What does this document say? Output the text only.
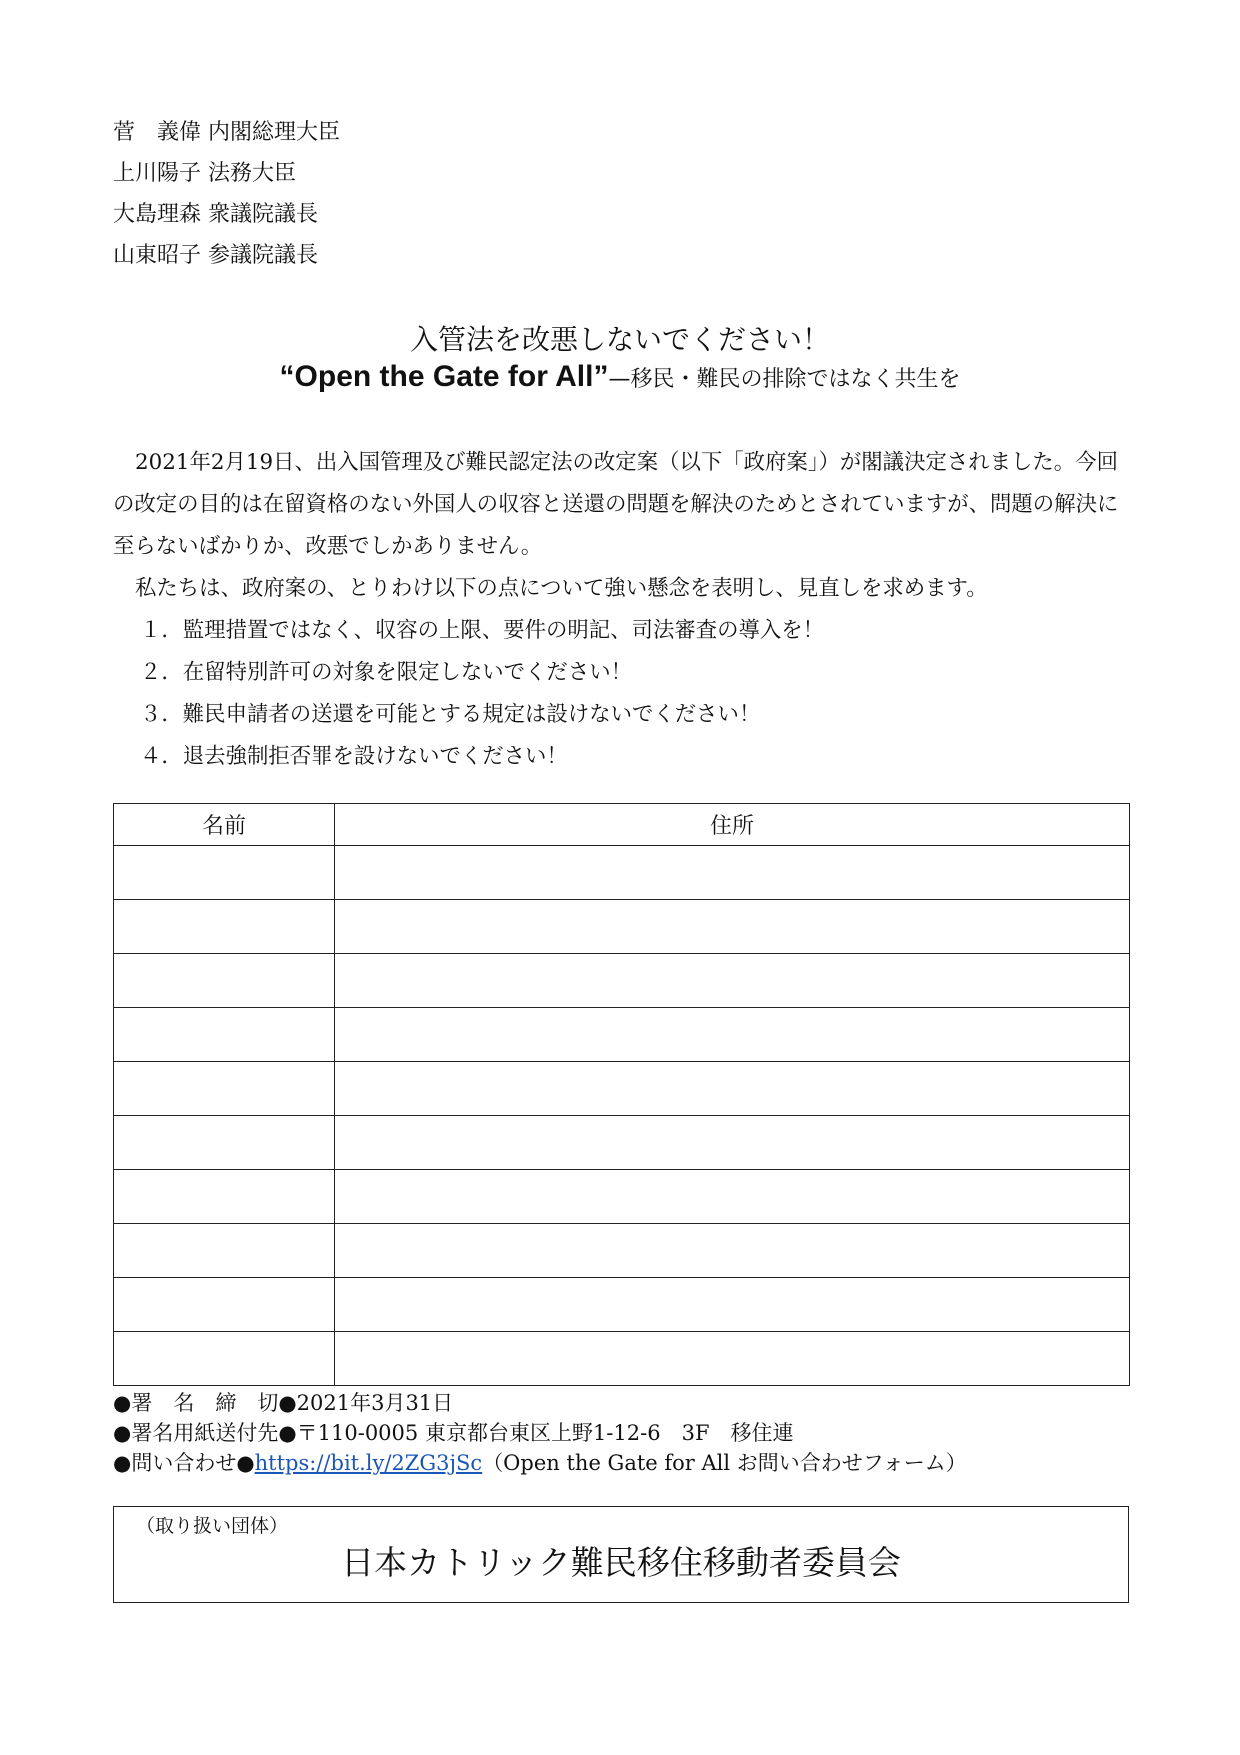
菅　義偉 内閣総理大臣
上川陽子 法務大臣
大島理森 衆議院議長
山東昭子 参議院議長
入管法を改悪しないでください！
“Open the Gate for All”—移民・難民の排除ではなく共生を

2021年2月19日、出入国管理及び難民認定法の改定案（以下「政府案」）が閣議決定されました。今回の改定の目的は在留資格のない外国人の収容と送還の問題を解決のためとされていますが、問題の解決に至らないばかりか、改悪でしかありません。

私たちは、政府案の、とりわけ以下の点について強い懸念を表明し、見直しを求めます。

１．監理措置ではなく、収容の上限、要件の明記、司法審査の導入を！
２．在留特別許可の対象を限定しないでください！
３．難民申請者の送還を可能とする規定は設けないでください！
４．退去強制拒否罪を設けないでください！
名前	住所

●署　名　締　切●2021年3月31日
●署名用紙送付先●〒110-0005 東京都台東区上野1-12-6　3F　移住連
●問い合わせ●https://bit.ly/2ZG3jSc（Open the Gate for All お問い合わせフォーム）
（取り扱い団体）
日本カトリック難民移住移動者委員会
